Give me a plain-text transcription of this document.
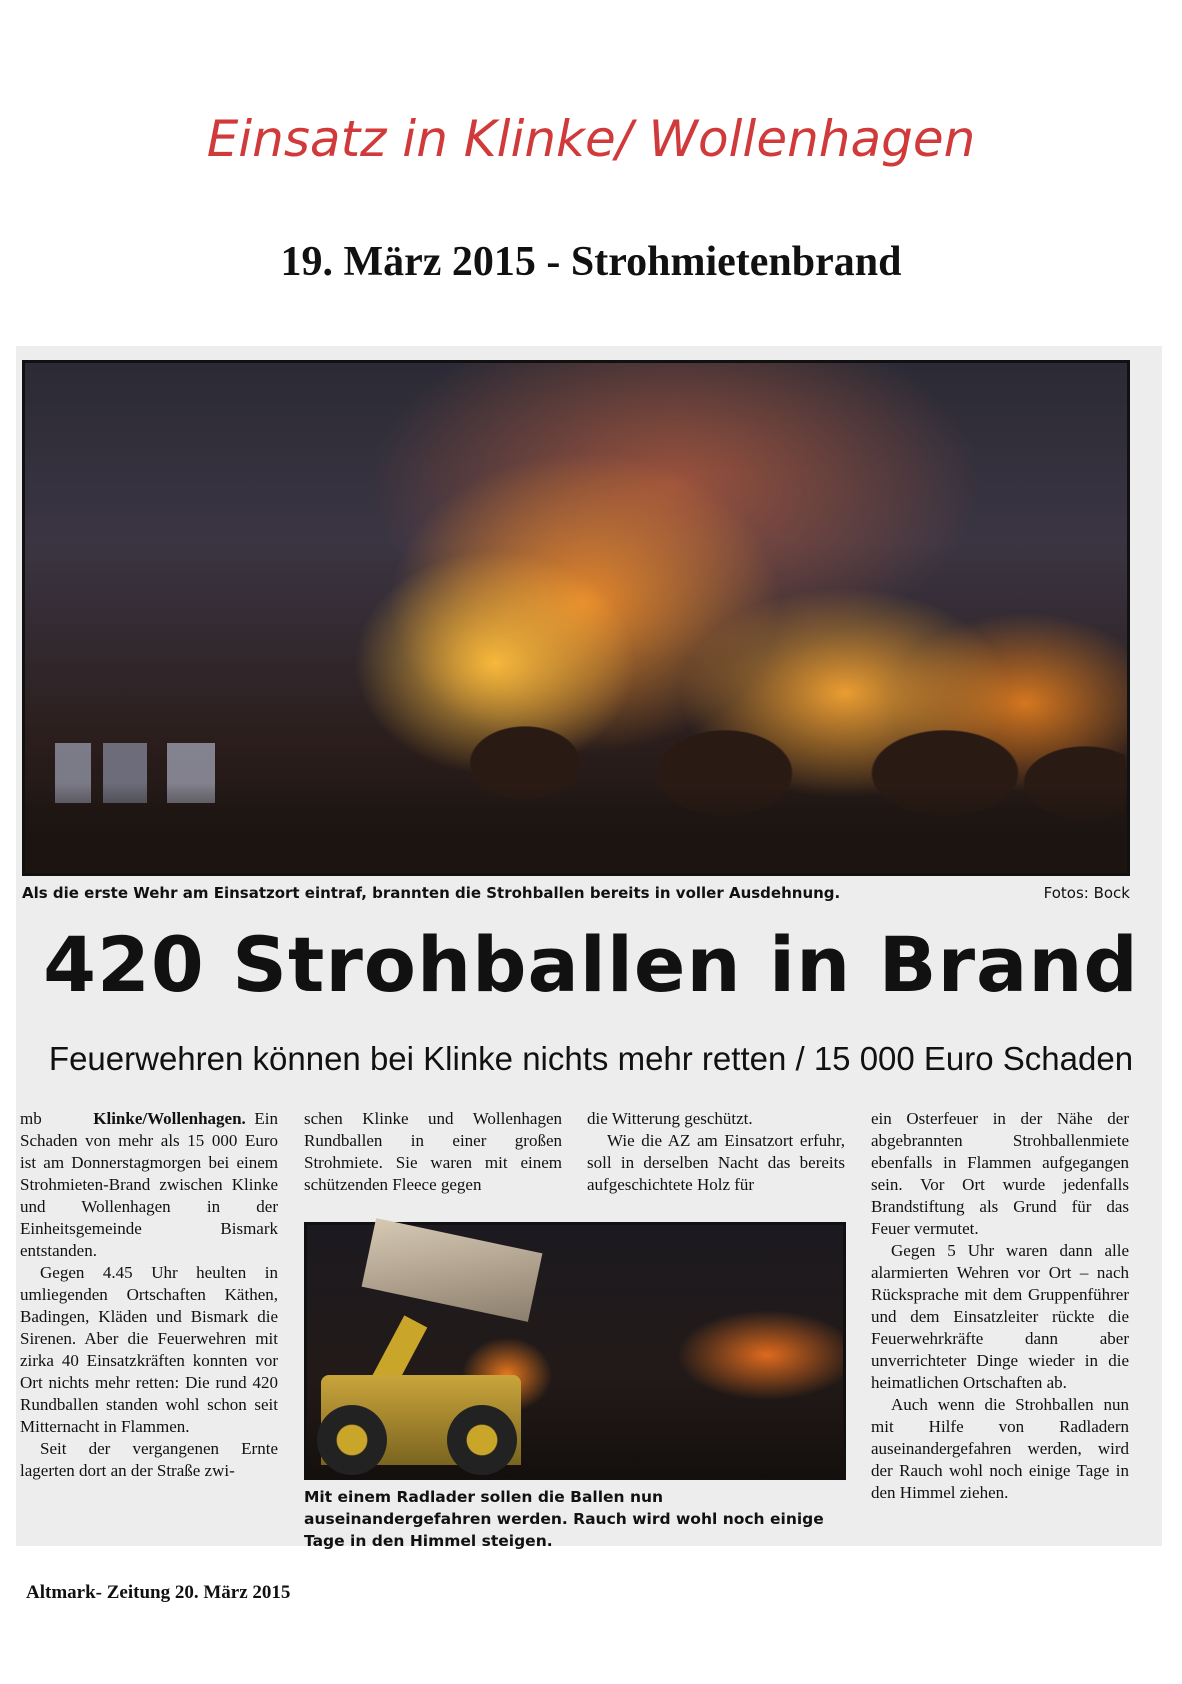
Einsatz in Klinke/ Wollenhagen
19. März 2015 - Strohmietenbrand
Als die erste Wehr am Einsatzort eintraf, brannten die Strohballen bereits in voller Ausdehnung.	Fotos: Bock
420 Strohballen in Brand
Feuerwehren können bei Klinke nichts mehr retten / 15 000 Euro Schaden

mb	Klinke/Wollenhagen. Ein Schaden von mehr als 15 000 Euro ist am Donnerstagmorgen bei einem Strohmieten-Brand zwischen Klinke und Wollenhagen in der Einheitsgemeinde Bismark entstanden.

Gegen 4.45 Uhr heulten in umliegenden Ortschaften Käthen, Badingen, Kläden und Bismark die Sirenen. Aber die Feuerwehren mit zirka 40 Einsatzkräften konnten vor Ort nichts mehr retten: Die rund 420 Rundballen standen wohl schon seit Mitternacht in Flammen.

Seit der vergangenen Ernte lagerten dort an der Straße zwi-

schen Klinke und Wollenhagen Rundballen in einer großen Strohmiete. Sie waren mit einem schützenden Fleece gegen

die Witterung geschützt.

Wie die AZ am Einsatzort erfuhr, soll in derselben Nacht das bereits aufgeschichtete Holz für

ein Osterfeuer in der Nähe der abgebrannten Strohballenmiete ebenfalls in Flammen aufgegangen sein. Vor Ort wurde jedenfalls Brandstiftung als Grund für das Feuer vermutet.

Gegen 5 Uhr waren dann alle alarmierten Wehren vor Ort – nach Rücksprache mit dem Gruppenführer und dem Einsatzleiter rückte die Feuerwehrkräfte dann aber unverrichteter Dinge wieder in die heimatlichen Ortschaften ab.

Auch wenn die Strohballen nun mit Hilfe von Radladern auseinandergefahren werden, wird der Rauch wohl noch einige Tage in den Himmel ziehen.

Mit einem Radlader sollen die Ballen nun auseinandergefahren werden. Rauch wird wohl noch einige Tage in den Himmel steigen.
Altmark- Zeitung 20. März 2015
